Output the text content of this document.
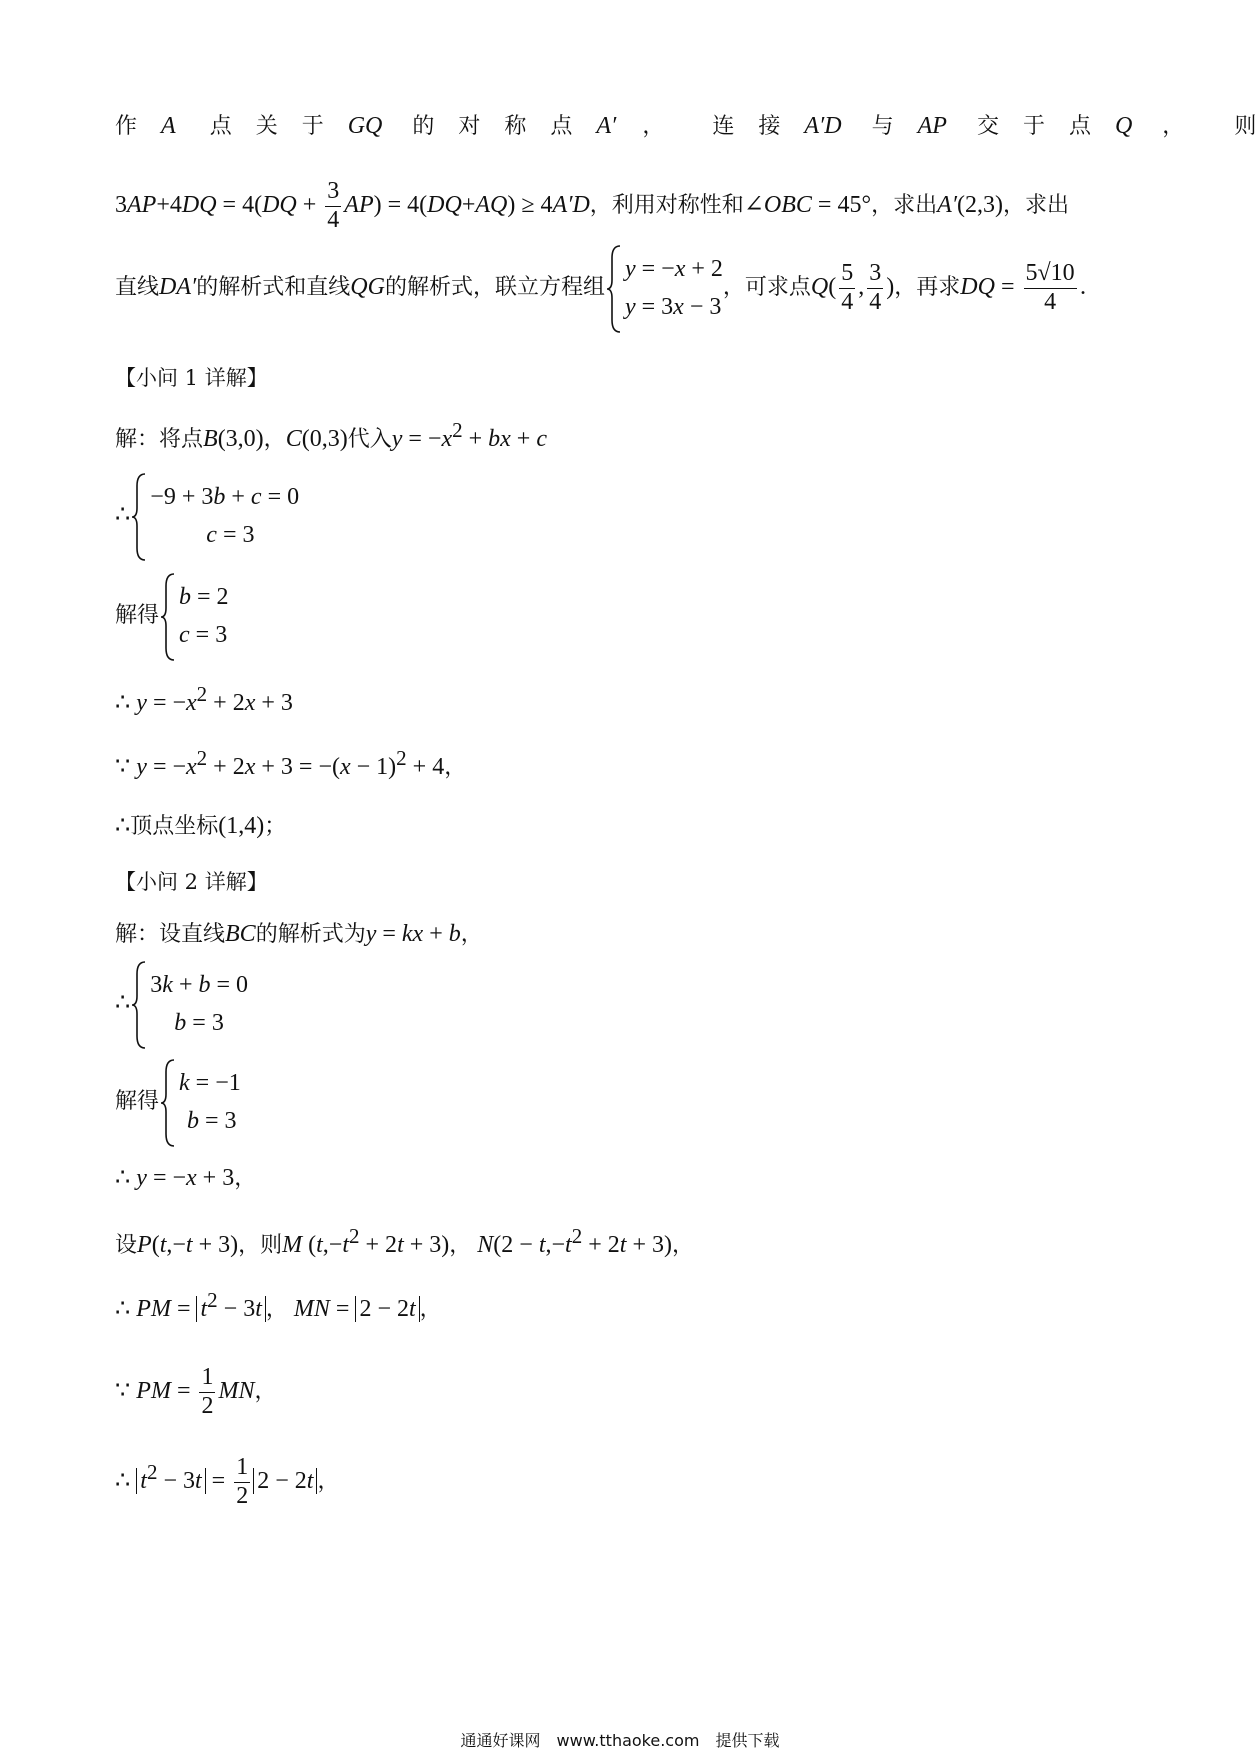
作A 点关于GQ 的对称点A′ ， 连接A′D 与AP 交于点Q ， 则
$3AP+4DQ = 4(DQ + \frac{3}{4} AP) = 4(DQ+AQ) \ge 4A'D$，利用对称性和∠OBC = 45°，求出A′(2,3)，求出
直线DA′的解析式和直线QG的解析式，联立方程组
y = −x + 2
y = 3x − 3
，可求点$Q( \frac{5}{4}$ , $\frac{3}{4}$ )，再求DQ = $\frac{5√10}{4}$ ．
【小问 1 详解】
解：将点B(3,0)，C(0,3)代入$y = -x^2$ + bx + c
∴
−9 + 3b + c = 0
c = 3
解得
b = 2
c = 3
∴ $y = -x^2 + 2x + 3$
∵ $y = -x^2 + 2x + 3 = -(x - 1)^2 + 4$，
∴顶点坐标(1,4)；
【小问 2 详解】
解：设直线BC的解析式为y = kx + b，
∴
3k + b = 0
b = 3
解得
k = −1
b = 3
∴ y = −x + 3，
设P(t,−t + 3)，则M $(t,-t^2 + 2t + 3)$， $N(2 - t,-t^2 + 2t + 3)$，
∴ PM = $t^2 - 3t$ ， MN = 2 − 2t ，
∵ PM = $\frac{1}{2}$ MN，
∴ $t^2 - 3t = \frac{1}{2} 2 - 2t$ ，
通通好课网　www.tthaoke.com　提供下载
